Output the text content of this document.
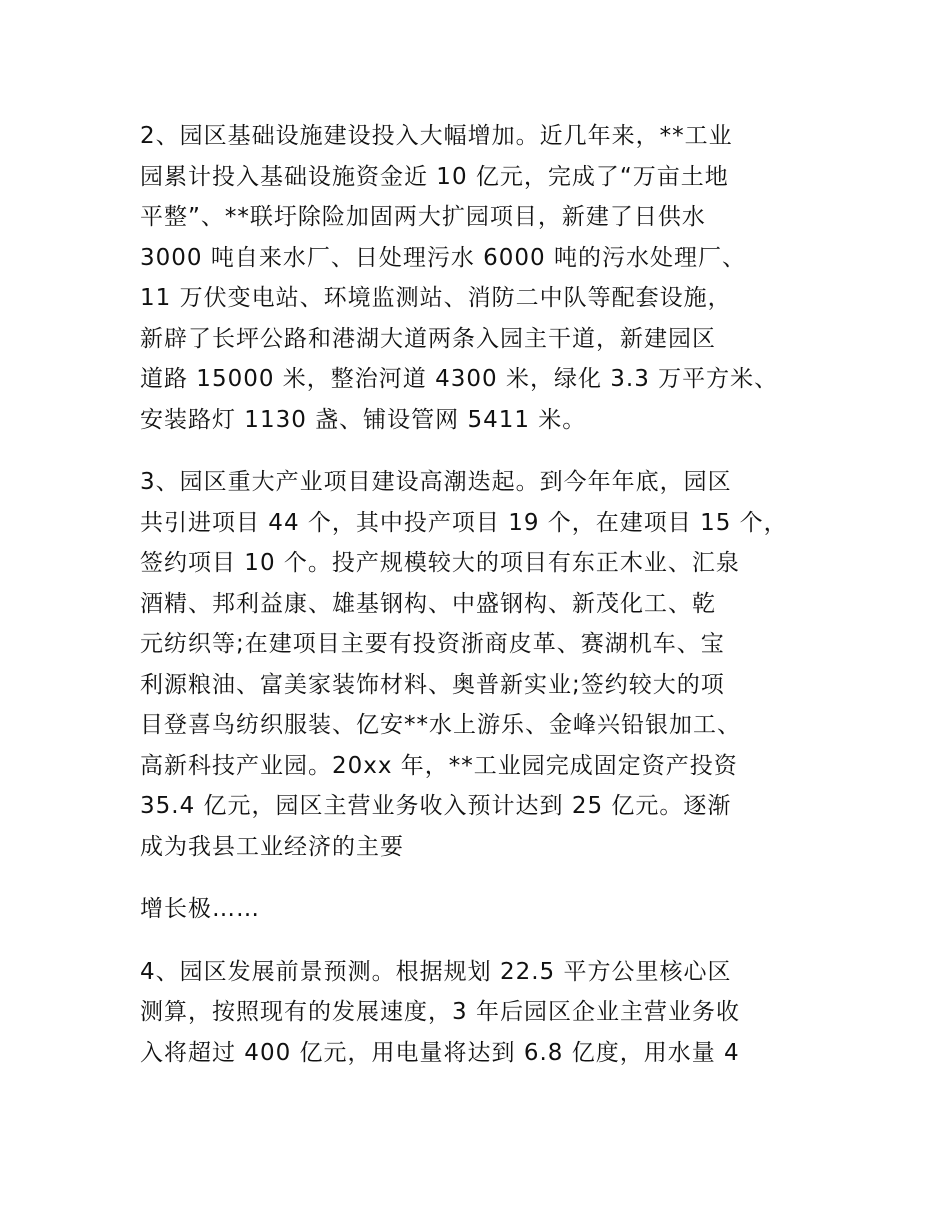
2、园区基础设施建设投入大幅增加。近几年来，**工业
园累计投入基础设施资金近 10 亿元，完成了“万亩土地
平整”、**联圩除险加固两大扩园项目，新建了日供水
3000 吨自来水厂、日处理污水 6000 吨的污水处理厂、
11 万伏变电站、环境监测站、消防二中队等配套设施，
新辟了长坪公路和港湖大道两条入园主干道，新建园区
道路 15000 米，整治河道 4300 米，绿化 3.3 万平方米、
安装路灯 1130 盏、铺设管网 5411 米。
3、园区重大产业项目建设高潮迭起。到今年年底，园区
共引进项目 44 个，其中投产项目 19 个，在建项目 15 个，
签约项目 10 个。投产规模较大的项目有东正木业、汇泉
酒精、邦利益康、雄基钢构、中盛钢构、新茂化工、乾
元纺织等;在建项目主要有投资浙商皮革、赛湖机车、宝
利源粮油、富美家装饰材料、奥普新实业;签约较大的项
目登喜鸟纺织服装、亿安**水上游乐、金峰兴铅银加工、
高新科技产业园。20xx 年，**工业园完成固定资产投资
35.4 亿元，园区主营业务收入预计达到 25 亿元。逐渐
成为我县工业经济的主要
增长极……
4、园区发展前景预测。根据规划 22.5 平方公里核心区
测算，按照现有的发展速度，3 年后园区企业主营业务收
入将超过 400 亿元，用电量将达到 6.8 亿度，用水量 4
